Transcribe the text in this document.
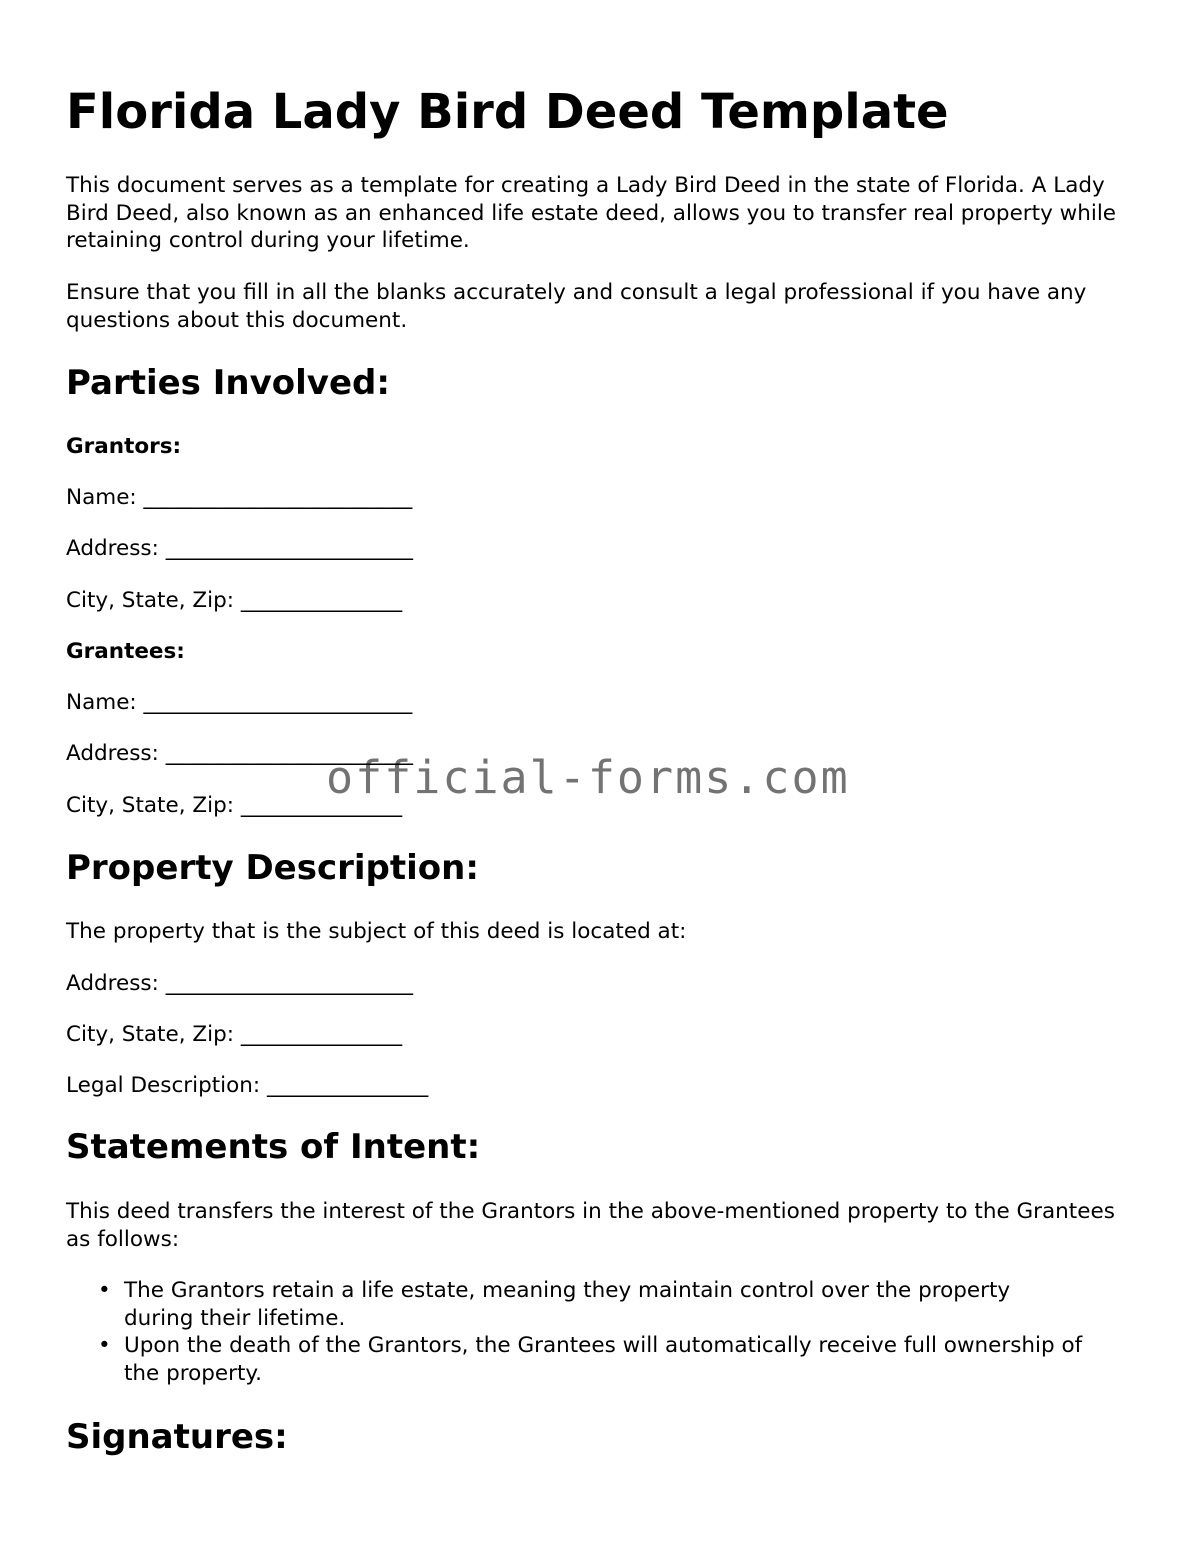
Florida Lady Bird Deed Template

This document serves as a template for creating a Lady Bird Deed in the state of Florida. A Lady Bird Deed, also known as an enhanced life estate deed, allows you to transfer real property while retaining control during your lifetime.

Ensure that you fill in all the blanks accurately and consult a legal professional if you have any questions about this document.

Parties Involved:
Grantors:
Name: _________________________
Address: _______________________
City, State, Zip: _______________
Grantees:
Name: _________________________
Address: _______________________
City, State, Zip: _______________
Property Description:
The property that is the subject of this deed is located at:
Address: _______________________
City, State, Zip: _______________
Legal Description: _______________
Statements of Intent:

This deed transfers the interest of the Grantors in the above-mentioned property to the Grantees as follows:

• The Grantors retain a life estate, meaning they maintain control over the property during their lifetime.
• Upon the death of the Grantors, the Grantees will automatically receive full ownership of the property.
Signatures:
official-forms.com
